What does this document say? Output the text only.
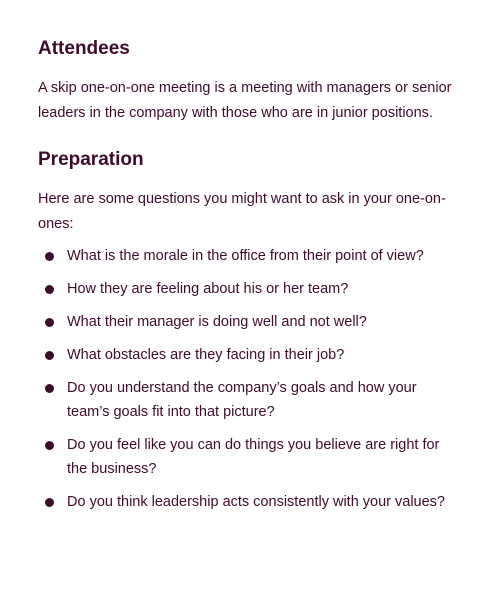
Attendees

A skip one-on-one meeting is a meeting with managers or senior leaders in the company with those who are in junior positions.

Preparation

Here are some questions you might want to ask in your one-on-ones:

What is the morale in the office from their point of view?
How they are feeling about his or her team?
What their manager is doing well and not well?
What obstacles are they facing in their job?
Do you understand the company’s goals and how your team’s goals fit into that picture?
Do you feel like you can do things you believe are right for the business?
Do you think leadership acts consistently with your values?
